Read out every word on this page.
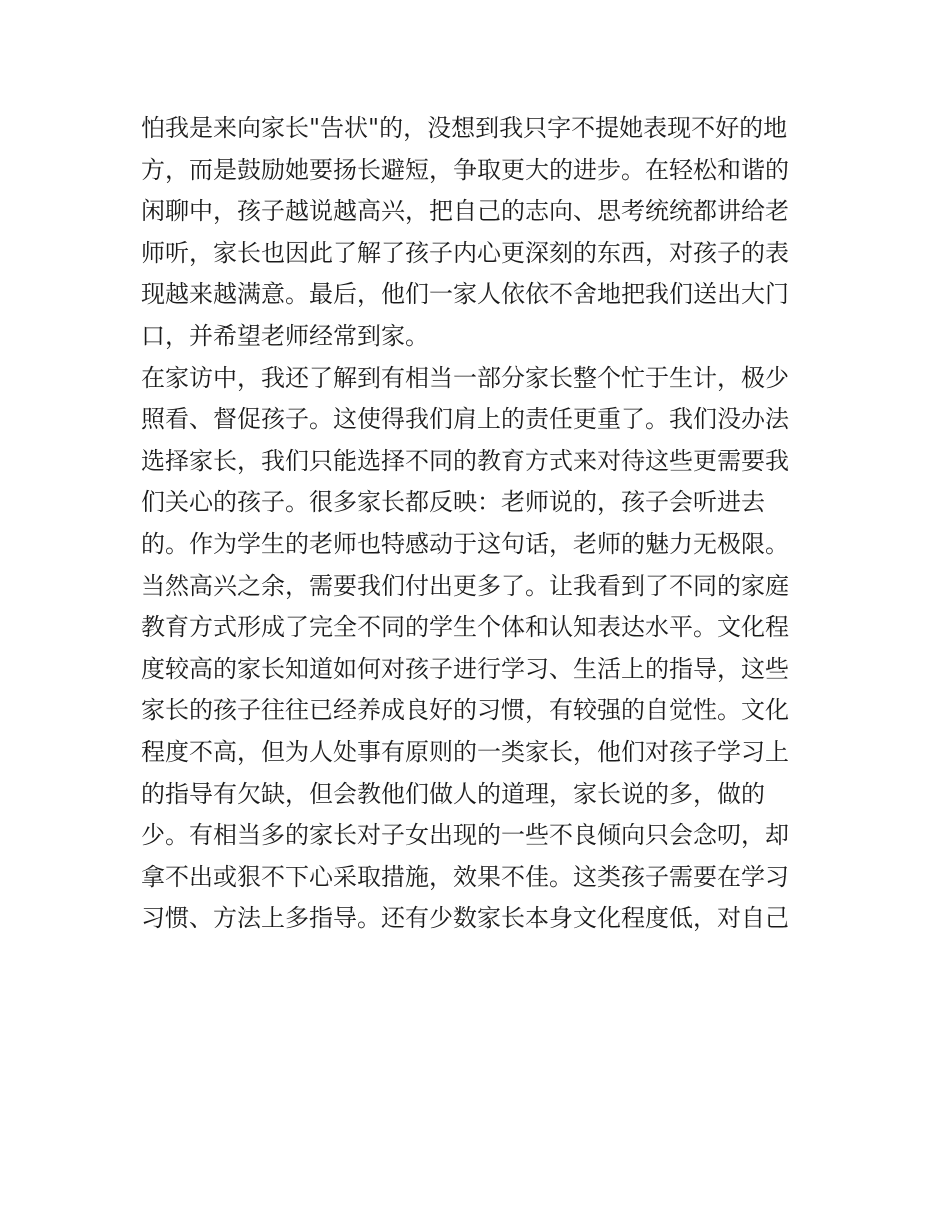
怕我是来向家长"告状"的，没想到我只字不提她表现不好的地
方，而是鼓励她要扬长避短，争取更大的进步。在轻松和谐的
闲聊中，孩子越说越高兴，把自己的志向、思考统统都讲给老
师听，家长也因此了解了孩子内心更深刻的东西，对孩子的表
现越来越满意。最后，他们一家人依依不舍地把我们送出大门
口，并希望老师经常到家。
在家访中，我还了解到有相当一部分家长整个忙于生计，极少
照看、督促孩子。这使得我们肩上的责任更重了。我们没办法
选择家长，我们只能选择不同的教育方式来对待这些更需要我
们关心的孩子。很多家长都反映：老师说的，孩子会听进去
的。作为学生的老师也特感动于这句话，老师的魅力无极限。
当然高兴之余，需要我们付出更多了。让我看到了不同的家庭
教育方式形成了完全不同的学生个体和认知表达水平。文化程
度较高的家长知道如何对孩子进行学习、生活上的指导，这些
家长的孩子往往已经养成良好的习惯，有较强的自觉性。文化
程度不高，但为人处事有原则的一类家长，他们对孩子学习上
的指导有欠缺，但会教他们做人的道理，家长说的多，做的
少。有相当多的家长对子女出现的一些不良倾向只会念叨，却
拿不出或狠不下心采取措施，效果不佳。这类孩子需要在学习
习惯、方法上多指导。还有少数家长本身文化程度低，对自己
